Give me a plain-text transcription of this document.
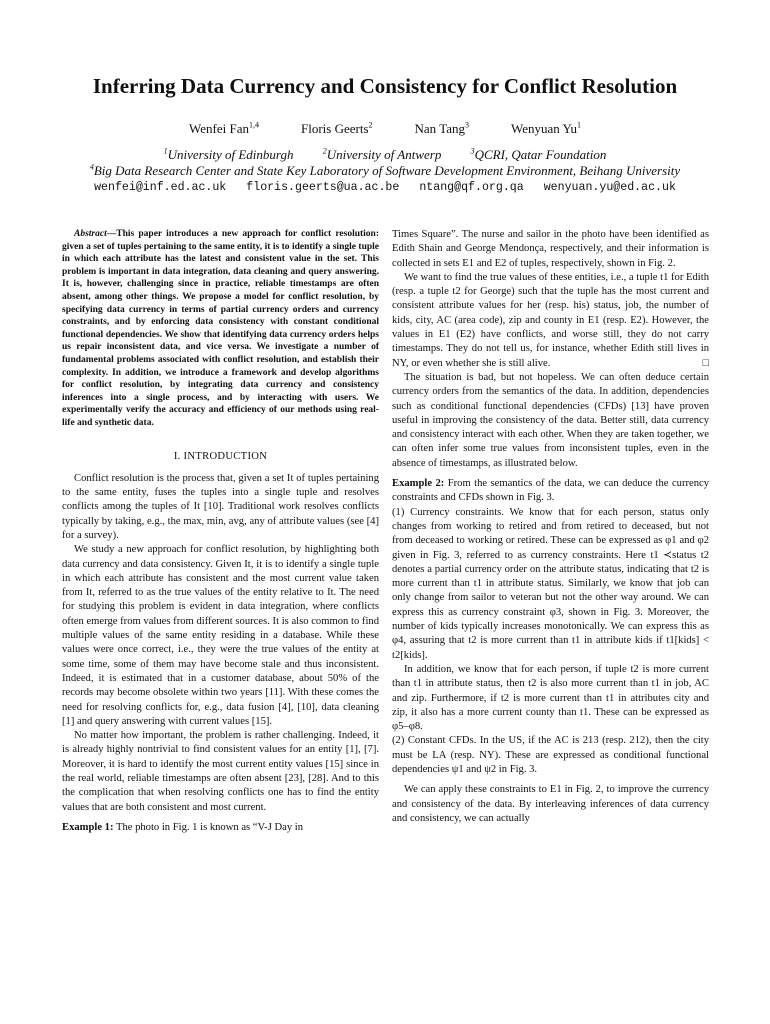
Inferring Data Currency and Consistency for Conflict Resolution
Wenfei Fan$^{1,4}$	Floris Geerts$^2$	Nan Tang$^3$	Wenyuan Yu$^1$
$^1$University of Edinburgh	$^2$University of Antwerp	$^3$QCRI, Qatar Foundation
$^4$Big Data Research Center and State Key Laboratory of Software Development Environment, Beihang University
wenfei@inf.ed.ac.uk floris.geerts@ua.ac.be ntang@qf.org.qa wenyuan.yu@ed.ac.uk

Abstract—This paper introduces a new approach for conflict resolution: given a set of tuples pertaining to the same entity, it is to identify a single tuple in which each attribute has the latest and consistent value in the set. This problem is important in data integration, data cleaning and query answering. It is, however, challenging since in practice, reliable timestamps are often absent, among other things. We propose a model for conflict resolution, by specifying data currency in terms of partial currency orders and currency constraints, and by enforcing data consistency with constant conditional functional dependencies. We show that identifying data currency orders helps us repair inconsistent data, and vice versa. We investigate a number of fundamental problems associated with conflict resolution, and establish their complexity. In addition, we introduce a framework and develop algorithms for conflict resolution, by integrating data currency and consistency inferences into a single process, and by interacting with users. We experimentally verify the accuracy and efficiency of our methods using real-life and synthetic data.

I. INTRODUCTION

Conflict resolution is the process that, given a set It of tuples pertaining to the same entity, fuses the tuples into a single tuple and resolves conflicts among the tuples of It [10]. Traditional work resolves conflicts typically by taking, e.g., the max, min, avg, any of attribute values (see [4] for a survey).

We study a new approach for conflict resolution, by highlighting both data currency and data consistency. Given It, it is to identify a single tuple in which each attribute has consistent and the most current value taken from It, referred to as the true values of the entity relative to It. The need for studying this problem is evident in data integration, where conflicts often emerge from values from different sources. It is also common to find multiple values of the same entity residing in a database. While these values were once correct, i.e., they were the true values of the entity at some time, some of them may have become stale and thus inconsistent. Indeed, it is estimated that in a customer database, about 50% of the records may become obsolete within two years [11]. With these comes the need for resolving conflicts for, e.g., data fusion [4], [10], data cleaning [1] and query answering with current values [15].

No matter how important, the problem is rather challenging. Indeed, it is already highly nontrivial to find consistent values for an entity [1], [7]. Moreover, it is hard to identify the most current entity values [15] since in the real world, reliable timestamps are often absent [23], [28]. And to this the complication that when resolving conflicts one has to find the entity values that are both consistent and most current.

Example 1: The photo in Fig. 1 is known as “V-J Day in

Times Square”. The nurse and sailor in the photo have been identified as Edith Shain and George Mendonça, respectively, and their information is collected in sets E1 and E2 of tuples, respectively, shown in Fig. 2.

We want to find the true values of these entities, i.e., a tuple t1 for Edith (resp. a tuple t2 for George) such that the tuple has the most current and consistent attribute values for her (resp. his) status, job, the number of kids, city, AC (area code), zip and county in E1 (resp. E2). However, the values in E1 (E2) have conflicts, and worse still, they do not carry timestamps. They do not tell us, for instance, whether Edith still lives in NY, or even whether she is still alive.	□

The situation is bad, but not hopeless. We can often deduce certain currency orders from the semantics of the data. In addition, dependencies such as conditional functional dependencies (CFDs) [13] have proven useful in improving the consistency of the data. Better still, data currency and consistency interact with each other. When they are taken together, we can often infer some true values from inconsistent tuples, even in the absence of timestamps, as illustrated below.

Example 2: From the semantics of the data, we can deduce the currency constraints and CFDs shown in Fig. 3.

(1) Currency constraints. We know that for each person, status only changes from working to retired and from retired to deceased, but not from deceased to working or retired. These can be expressed as φ1 and φ2 given in Fig. 3, referred to as currency constraints. Here t1 ≺status t2 denotes a partial currency order on the attribute status, indicating that t2 is more current than t1 in attribute status. Similarly, we know that job can only change from sailor to veteran but not the other way around. We can express this as currency constraint φ3, shown in Fig. 3. Moreover, the number of kids typically increases monotonically. We can express this as φ4, assuring that t2 is more current than t1 in attribute kids if t1[kids] < t2[kids].

In addition, we know that for each person, if tuple t2 is more current than t1 in attribute status, then t2 is also more current than t1 in job, AC and zip. Furthermore, if t2 is more current than t1 in attributes city and zip, it also has a more current county than t1. These can be expressed as φ5–φ8.

(2) Constant CFDs. In the US, if the AC is 213 (resp. 212), then the city must be LA (resp. NY). These are expressed as conditional functional dependencies ψ1 and ψ2 in Fig. 3.

We can apply these constraints to E1 in Fig. 2, to improve the currency and consistency of the data. By interleaving inferences of data currency and consistency, we can actually
